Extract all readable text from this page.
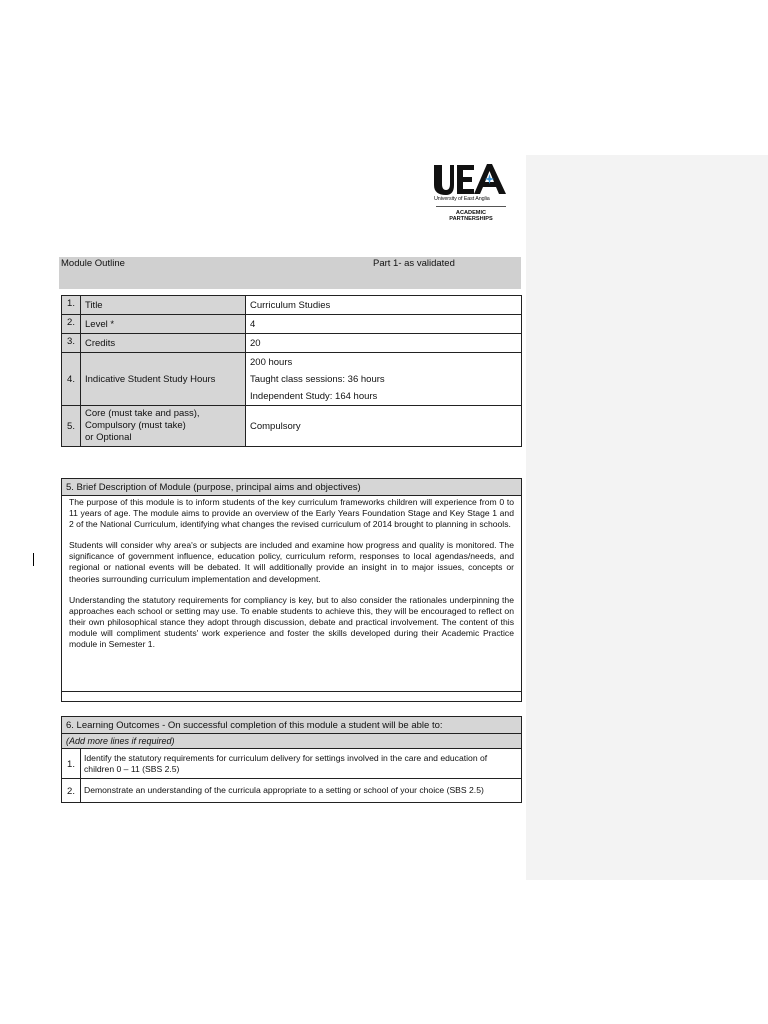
University of East Anglia
ACADEMIC
PARTNERSHIPS
Module Outline	Part 1- as validated
1.	Title	Curriculum Studies
2.	Level *	4
3.	Credits	20
4.	Indicative Student Study Hours	200 hours
Taught class sessions: 36 hours
Independent Study: 164 hours

5.	Core (must take and pass),
Compulsory (must take)
or Optional	Compulsory
5. Brief Description of Module (purpose, principal aims and objectives)

The purpose of this module is to inform students of the key curriculum frameworks children will experience from 0 to 11 years of age. The module aims to provide an overview of the Early Years Foundation Stage and Key Stage 1 and 2 of the National Curriculum, identifying what changes the revised curriculum of 2014 brought to planning in schools.

Students will consider why area's or subjects are included and examine how progress and quality is monitored. The significance of government influence, education policy, curriculum reform, responses to local agendas/needs, and regional or national events will be debated. It will additionally provide an insight in to major issues, concepts or theories surrounding curriculum implementation and development.

Understanding the statutory requirements for compliancy is key, but to also consider the rationales underpinning the approaches each school or setting may use. To enable students to achieve this, they will be encouraged to reflect on their own philosophical stance they adopt through discussion, debate and practical involvement. The content of this module will compliment students' work experience and foster the skills developed during their Academic Practice module in Semester 1.

6. Learning Outcomes - On successful completion of this module a student will be able to:	
(Add more lines if required)	
1.	Identify the statutory requirements for curriculum delivery for settings involved in the care and education of children 0 – 11 (SBS 2.5)
2.	Demonstrate an understanding of the curricula appropriate to a setting or school of your choice (SBS 2.5)
